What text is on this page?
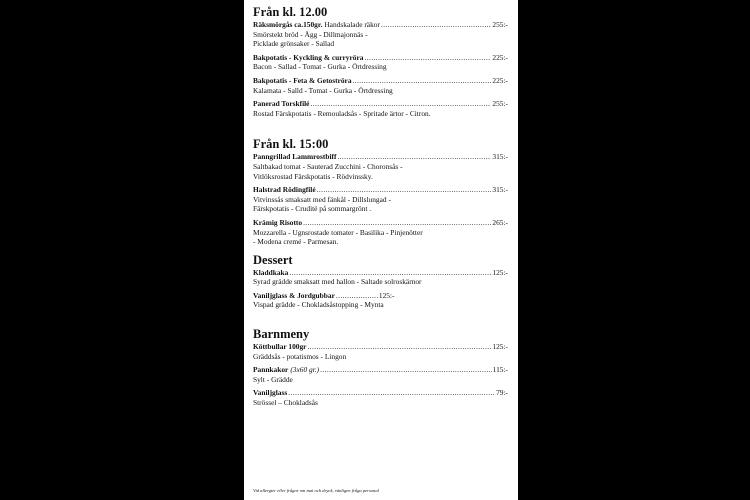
Från kl. 12.00
Räksmörgås ca.150gr. Handskalade räkor .....	255:-

Smörstekt bröd - Ägg - Dillmajonnäs -

Picklade grönsaker - Sallad

Bakpotatis - Kyckling & curryröra .....	225:-

Bacon - Sallad - Tomat - Gurka - Örtdressing

Bakpotatis - Feta & Getoströra .....	225:-

Kalamata - Salld - Tomat - Gurka - Örtdressing

Panerad Torskfilé .....	255:-

Rostad Färskpotatis - Remouladsås - Spritade ärtor - Citron.

Från kl. 15:00
Panngrillad Lammrostbiff .....	315:-

Saltbakad tomat - Sauterad Zucchini - Choronsås -

Vitlöksrostad Färskpotatis - Rödvinssky.

Halstrad Rödingfilé .....	315:-

Vitvinssås smaksatt med fänkål - Dillslungad -

Färskpotatis - Crudité på sommargrönt .

Krämig Risotto .....	265:-

Mozzarella - Ugnsrostade tomater - Basilika - Pinjenötter

- Modena cremé - Parmesan.

Dessert
Kladdkaka .....	125:-

Syrad grädde smaksatt med hallon - Saltade solroskärnor

Vaniljglass & Jordgubbar .....	125:-

Vispad grädde - Chokladsåstopping - Mynta

Barnmeny
Köttbullar 100gr .....	125:-

Gräddsås - potatismos - Lingon

Pannkakor (3x60 gr.) .....	115:-

Sylt - Grädde

Vaniljglass .....	79:-

Strössel – Chokladsås

Vid allergier eller frågor om mat och dryck, vänligen fråga personal
